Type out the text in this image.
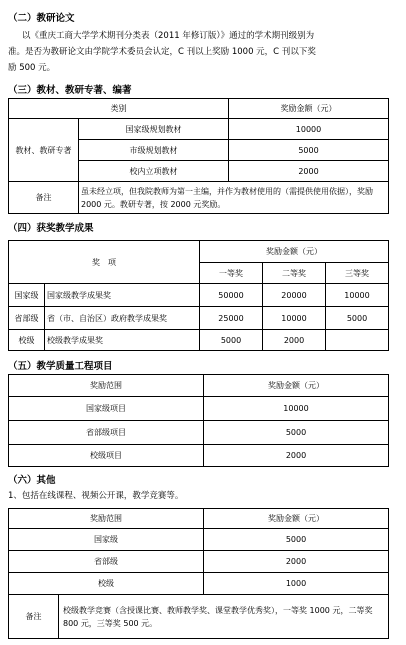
（二）教研论文
以《重庆工商大学学术期刊分类表（2011 年修订版）》通过的学术期刊级别为
准。是否为教研论文由学院学术委员会认定，C 刊以上奖励 1000 元，C 刊以下奖
励 500 元。
（三）教材、教研专著、编著
类别		奖励金额（元）
教材、教研专著	国家级规划教材	10000
	市级规划教材	5000
	校内立项教材	2000
备注	虽未经立项，但我院教师为第一主编，并作为教材使用的（需提供使用依据），奖励 2000 元。教研专著，按 2000 元奖励。	
（四）获奖教学成果
奖　项		奖励金额（元）		
		一等奖	二等奖	三等奖
国家级	国家级教学成果奖	50000	20000	10000
省部级	省（市、自治区）政府教学成果奖	25000	10000	5000
校级	校级教学成果奖	5000	2000	
（五）教学质量工程项目
奖励范围	奖励金额（元）
国家级项目	10000
省部级项目	5000
校级项目	2000
（六）其他
1、包括在线课程、视频公开课，教学竞赛等。
奖励范围		奖励金额（元）
国家级		5000
省部级		2000
校级		1000
备注	校级教学竞赛（含授课比赛、教师教学奖、课堂教学优秀奖），一等奖 1000 元，二等奖 800 元，三等奖 500 元。	
